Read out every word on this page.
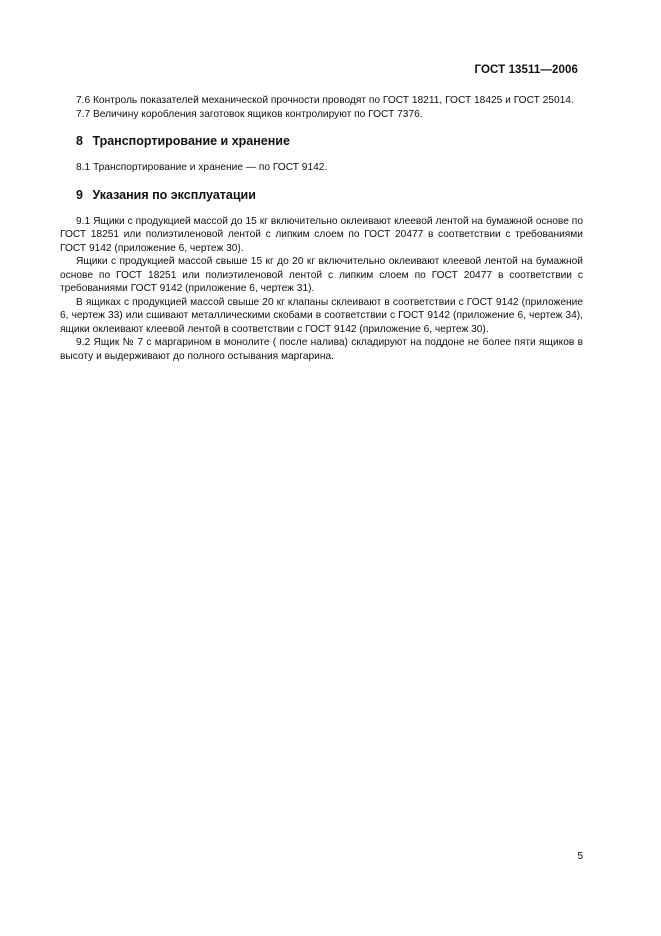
ГОСТ 13511—2006

7.6 Контроль показателей механической прочности проводят по ГОСТ 18211, ГОСТ 18425 и ГОСТ 25014.

7.7 Величину коробления заготовок ящиков контролируют по ГОСТ 7376.

8 Транспортирование и хранение

8.1 Транспортирование и хранение — по ГОСТ 9142.

9 Указания по эксплуатации

9.1 Ящики с продукцией массой до 15 кг включительно оклеивают клеевой лентой на бумажной основе по ГОСТ 18251 или полиэтиленовой лентой с липким слоем по ГОСТ 20477 в соответствии с требованиями ГОСТ 9142 (приложение 6, чертеж 30).

Ящики с продукцией массой свыше 15 кг до 20 кг включительно оклеивают клеевой лентой на бумажной основе по ГОСТ 18251 или полиэтиленовой лентой с липким слоем по ГОСТ 20477 в соответствии с требованиями ГОСТ 9142 (приложение 6, чертеж 31).

В ящиках с продукцией массой свыше 20 кг клапаны склеивают в соответствии с ГОСТ 9142 (приложение 6, чертеж 33) или сшивают металлическими скобами в соответствии с ГОСТ 9142 (приложение 6, чертеж 34), ящики оклеивают клеевой лентой в соответствии с ГОСТ 9142 (приложение 6, чертеж 30).

9.2 Ящик № 7 с маргарином в монолите ( после налива) складируют на поддоне не более пяти ящиков в высоту и выдерживают до полного остывания маргарина.

5
